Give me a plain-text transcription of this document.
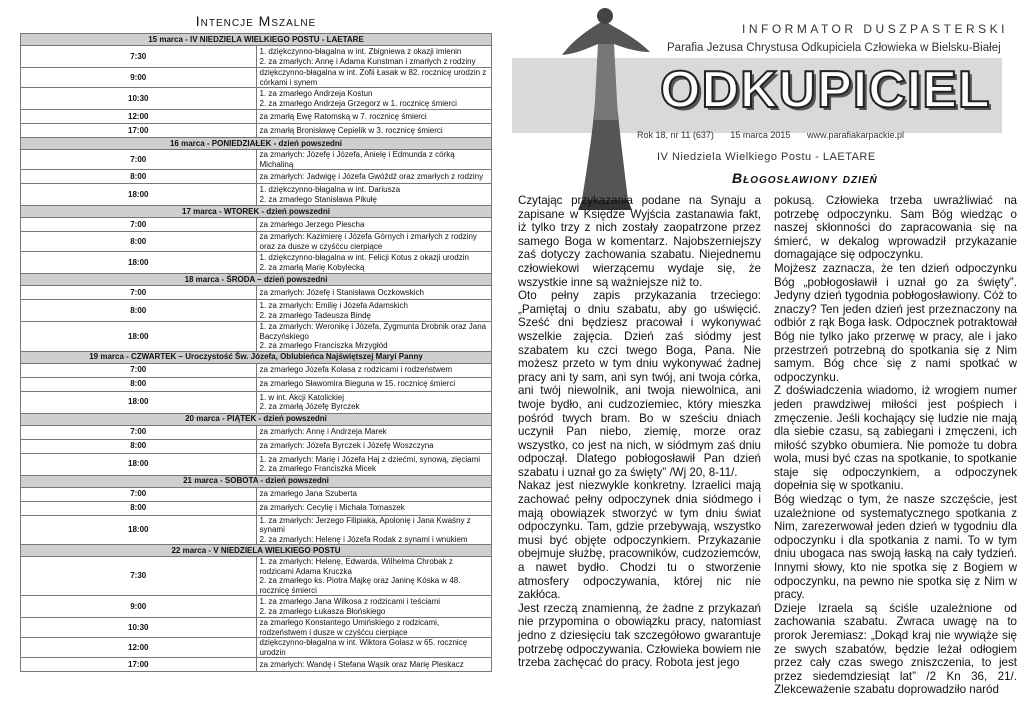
Intencje Mszalne
15 marca - IV NIEDZIELA WIELKIEGO POSTU - LAETARE	
7:30	1. dziękczynno-błagalna w int. Zbigniewa z okazji imienin
2. za zmarłych: Annę i Adama Kunstman i zmarłych z rodziny

9:00	dziękczynno-błagalna w int. Zofii Łasak w 82. rocznicę urodzin z córkami i synem

10:30	1. za zmarłego Andrzeja Kostun
2. za zmarłego Andrzeja Grzegorz w 1. rocznicę śmierci

12:00	za zmarłą Ewę Ratomską w 7. rocznicę śmierci

17:00	za zmarłą Bronisławę Cepielik w 3. rocznicę śmierci

16 marca - PONIEDZIAŁEK - dzień powszedni	
7:00	za zmarłych: Józefę i Józefa, Anielę i Edmunda z córką Michaliną

8:00	za zmarłych: Jadwigę i Józefa Gwóźdź oraz zmarłych z rodziny

18:00	1. dziękczynno-błagalna w int. Dariusza
2. za zmarłego Stanisława Pikułę

17 marca - WTOREK - dzień powszedni	
7:00	za zmarłego Jerzego Piescha

8:00	za zmarłych: Kazimierę i Józefa Górnych i zmarłych z rodziny oraz za dusze w czyśćcu cierpiące

18:00	1. dziękczynno-błagalna w int. Felicji Kotus z okazji urodzin
2. za zmarłą Marię Kobylecką

18 marca - ŚRODA – dzień powszedni	
7:00	za zmarłych: Józefę i Stanisława Oczkowskich

8:00	1. za zmarłych: Emilię i Józefa Adamskich
2. za zmarłego Tadeusza Bindę

18:00	1. za zmarłych: Weronikę i Józefa, Zygmunta Drobnik oraz Jana Baczyńskiego
2. za zmarłego Franciszka Mrzygłód

19 marca - CZWARTEK – Uroczystość Św. Józefa, Oblubieńca Najświętszej Maryi Panny	
7:00	za zmarłego Józefa Kolasa z rodzicami i rodzeństwem

8:00	za zmarłego Sławomira Bieguna w 15. rocznicę śmierci

18:00	1. w int. Akcji Katolickiej
2. za zmarłą Józefę Byrczek

20 marca - PIĄTEK - dzień powszedni	
7:00	za zmarłych: Annę i Andrzeja Marek

8:00	za zmarłych: Józefa Byrczek i Józefę Woszczyna

18:00	1. za zmarłych: Marię i Józefa Haj z dziećmi, synową, zięciami
2. za zmarłego Franciszka Micek

21 marca - SOBOTA - dzień powszedni	
7:00	za zmarłego Jana Szuberta

8:00	za zmarłych: Cecylię i Michała Tomaszek

18:00	1. za zmarłych: Jerzego Filipiaka, Apolonię i Jana Kwaśny z synami
2. za zmarłych: Helenę i Józefa Rodak z synami i wnukiem

22 marca - V NIEDZIELA WIELKIEGO POSTU	
7:30	1. za zmarłych: Helenę, Edwarda, Wilhelma Chrobak z rodzicami Adama Kruczka
2. za zmarłego ks. Piotra Majkę oraz Janinę Kóska w 48. rocznicę śmierci

9:00	1. za zmarłego Jana Wilkosa z rodzicami i teściami
2. za zmarłego Łukasza Błońskiego

10:30	za zmarłego Konstantego Umińskiego z rodzicami, rodzeństwem i dusze w czyśćcu cierpiące

12:00	dziękczynno-błagalna w int. Wiktora Golasz w 65. rocznicę urodzin

17:00	za zmarłych: Wandę i Stefana Wąsik oraz Marię Pleskacz
INFORMATOR DUSZPASTERSKI
Parafia Jezusa Chrystusa Odkupiciela Człowieka w Bielsku-Białej
ODKUPICIEL
Rok 18, nr 11 (637) 15 marca 2015 www.parafiakarpackie.pl
IV Niedziela Wielkiego Postu - LAETARE
Błogosławiony dzień

Czytając przykazania podane na Synaju a zapisane w Księdze Wyjścia zastanawia fakt, iż tylko trzy z nich zostały zaopatrzone przez samego Boga w komentarz. Najobszerniejszy zaś dotyczy zachowania szabatu. Niejednemu człowiekowi wierzącemu wydaje się, że wszystkie inne są ważniejsze niż to.

Oto pełny zapis przykazania trzeciego: „Pamiętaj o dniu szabatu, aby go uświęcić. Sześć dni będziesz pracował i wykonywać wszelkie zajęcia. Dzień zaś siódmy jest szabatem ku czci twego Boga, Pana. Nie możesz przeto w tym dniu wykonywać żadnej pracy ani ty sam, ani syn twój, ani twoja córka, ani twój niewolnik, ani twoja niewolnica, ani twoje bydło, ani cudzoziemiec, który mieszka pośród twych bram. Bo w sześciu dniach uczynił Pan niebo, ziemię, morze oraz wszystko, co jest na nich, w siódmym zaś dniu odpoczął. Dlatego pobłogosławił Pan dzień szabatu i uznał go za święty” /Wj 20, 8-11/.

Nakaz jest niezwykle konkretny. Izraelici mają zachować pełny odpoczynek dnia siódmego i mają obowiązek stworzyć w tym dniu świat odpoczynku. Tam, gdzie przebywają, wszystko musi być objęte odpoczynkiem. Przykazanie obejmuje służbę, pracowników, cudzoziemców, a nawet bydło. Chodzi tu o stworzenie atmosfery odpoczywania, której nic nie zakłóca.

Jest rzeczą znamienną, że żadne z przykazań nie przypomina o obowiązku pracy, natomiast jedno z dziesięciu tak szczegółowo gwarantuje potrzebę odpoczywania. Człowieka bowiem nie trzeba zachęcać do pracy. Robota jest jego

pokusą. Człowieka trzeba uwrażliwiać na potrzebę odpoczynku. Sam Bóg wiedząc o naszej skłonności do zapracowania się na śmierć, w dekalog wprowadził przykazanie domagające się odpoczynku.

Mojżesz zaznacza, że ten dzień odpoczynku Bóg „pobłogosławił i uznał go za święty”. Jedyny dzień tygodnia pobłogosławiony. Cóż to znaczy? Ten jeden dzień jest przeznaczony na odbiór z rąk Boga łask. Odpocznek potraktował Bóg nie tylko jako przerwę w pracy, ale i jako przestrzeń potrzebną do spotkania się z Nim samym. Bóg chce się z nami spotkać w odpoczynku.

Z doświadczenia wiadomo, iż wrogiem numer jeden prawdziwej miłości jest pośpiech i zmęczenie. Jeśli kochający się ludzie nie mają dla siebie czasu, są zabiegani i zmęczeni, ich miłość szybko obumiera. Nie pomoże tu dobra wola, musi być czas na spotkanie, to spotkanie staje się odpoczynkiem, a odpoczynek dopełnia się w spotkaniu.

Bóg wiedząc o tym, że nasze szczęście, jest uzależnione od systematycznego spotkania z Nim, zarezerwował jeden dzień w tygodniu dla odpoczynku i dla spotkania z nami. To w tym dniu ubogaca nas swoją łaską na cały tydzień. Innymi słowy, kto nie spotka się z Bogiem w odpoczynku, na pewno nie spotka się z Nim w pracy.

Dzieje Izraela są ściśle uzależnione od zachowania szabatu. Zwraca uwagę na to prorok Jeremiasz: „Dokąd kraj nie wywiąże się ze swych szabatów, będzie leżał odłogiem przez cały czas swego zniszczenia, to jest przez siedemdziesiąt lat” /2 Kn 36, 21/. Zlekceważenie szabatu doprowadziło naród
